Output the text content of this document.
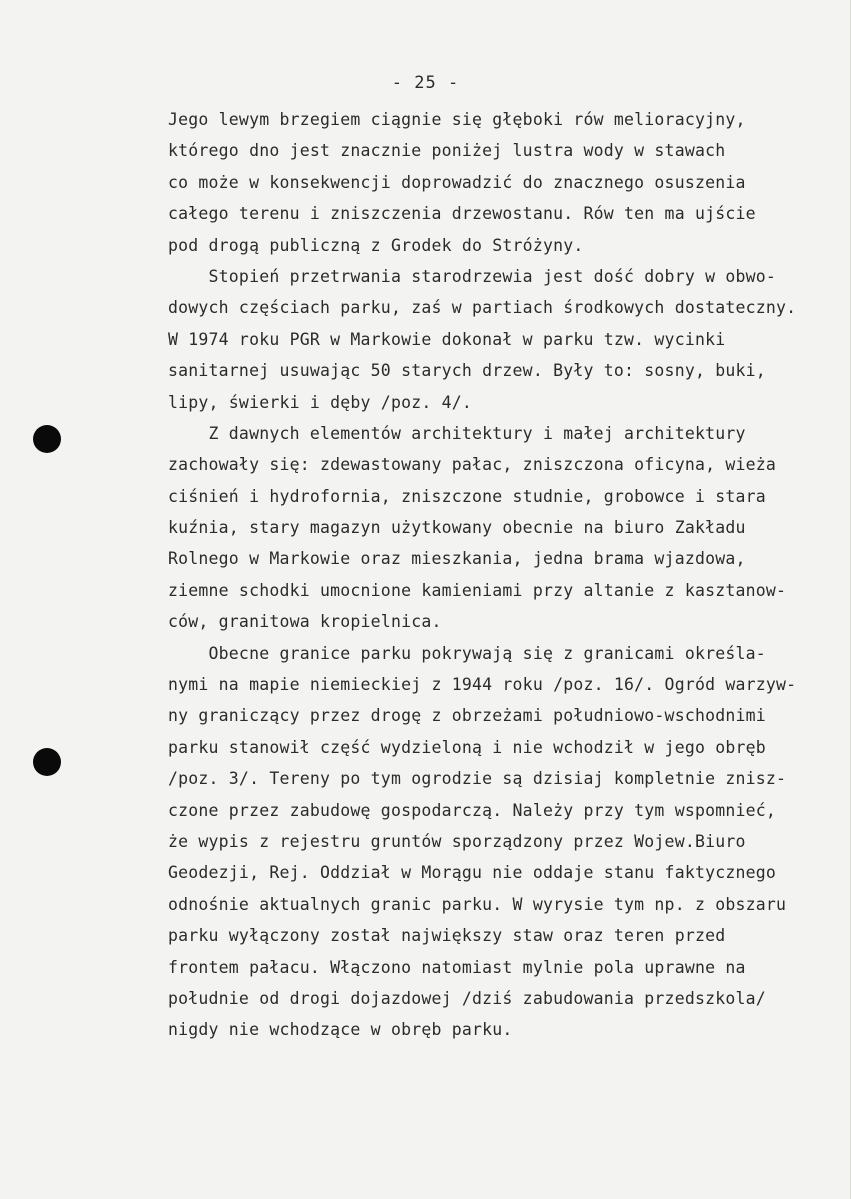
- 25 -
Jego lewym brzegiem ciągnie się głęboki rów melioracyjny,
którego dno jest znacznie poniżej lustra wody w stawach
co może w konsekwencji doprowadzić do znacznego osuszenia
całego terenu i zniszczenia drzewostanu. Rów ten ma ujście
pod drogą publiczną z Grodek do Stróżyny.
Stopień przetrwania starodrzewia jest dość dobry w obwo-
dowych częściach parku, zaś w partiach środkowych dostateczny.
W 1974 roku PGR w Markowie dokonał w parku tzw. wycinki
sanitarnej usuwając 50 starych drzew. Były to: sosny, buki,
lipy, świerki i dęby /poz. 4/.
Z dawnych elementów architektury i małej architektury
zachowały się: zdewastowany pałac, zniszczona oficyna, wieża
ciśnień i hydrofornia, zniszczone studnie, grobowce i stara
kuźnia, stary magazyn użytkowany obecnie na biuro Zakładu
Rolnego w Markowie oraz mieszkania, jedna brama wjazdowa,
ziemne schodki umocnione kamieniami przy altanie z kasztanow-
ców, granitowa kropielnica.
Obecne granice parku pokrywają się z granicami określa-
nymi na mapie niemieckiej z 1944 roku /poz. 16/. Ogród warzyw-
ny graniczący przez drogę z obrzeżami południowo-wschodnimi
parku stanowił część wydzieloną i nie wchodził w jego obręb
/poz. 3/. Tereny po tym ogrodzie są dzisiaj kompletnie znisz-
czone przez zabudowę gospodarczą. Należy przy tym wspomnieć,
że wypis z rejestru gruntów sporządzony przez Wojew.Biuro
Geodezji, Rej. Oddział w Morągu nie oddaje stanu faktycznego
odnośnie aktualnych granic parku. W wyrysie tym np. z obszaru
parku wyłączony został największy staw oraz teren przed
frontem pałacu. Włączono natomiast mylnie pola uprawne na
południe od drogi dojazdowej /dziś zabudowania przedszkola/
nigdy nie wchodzące w obręb parku.
